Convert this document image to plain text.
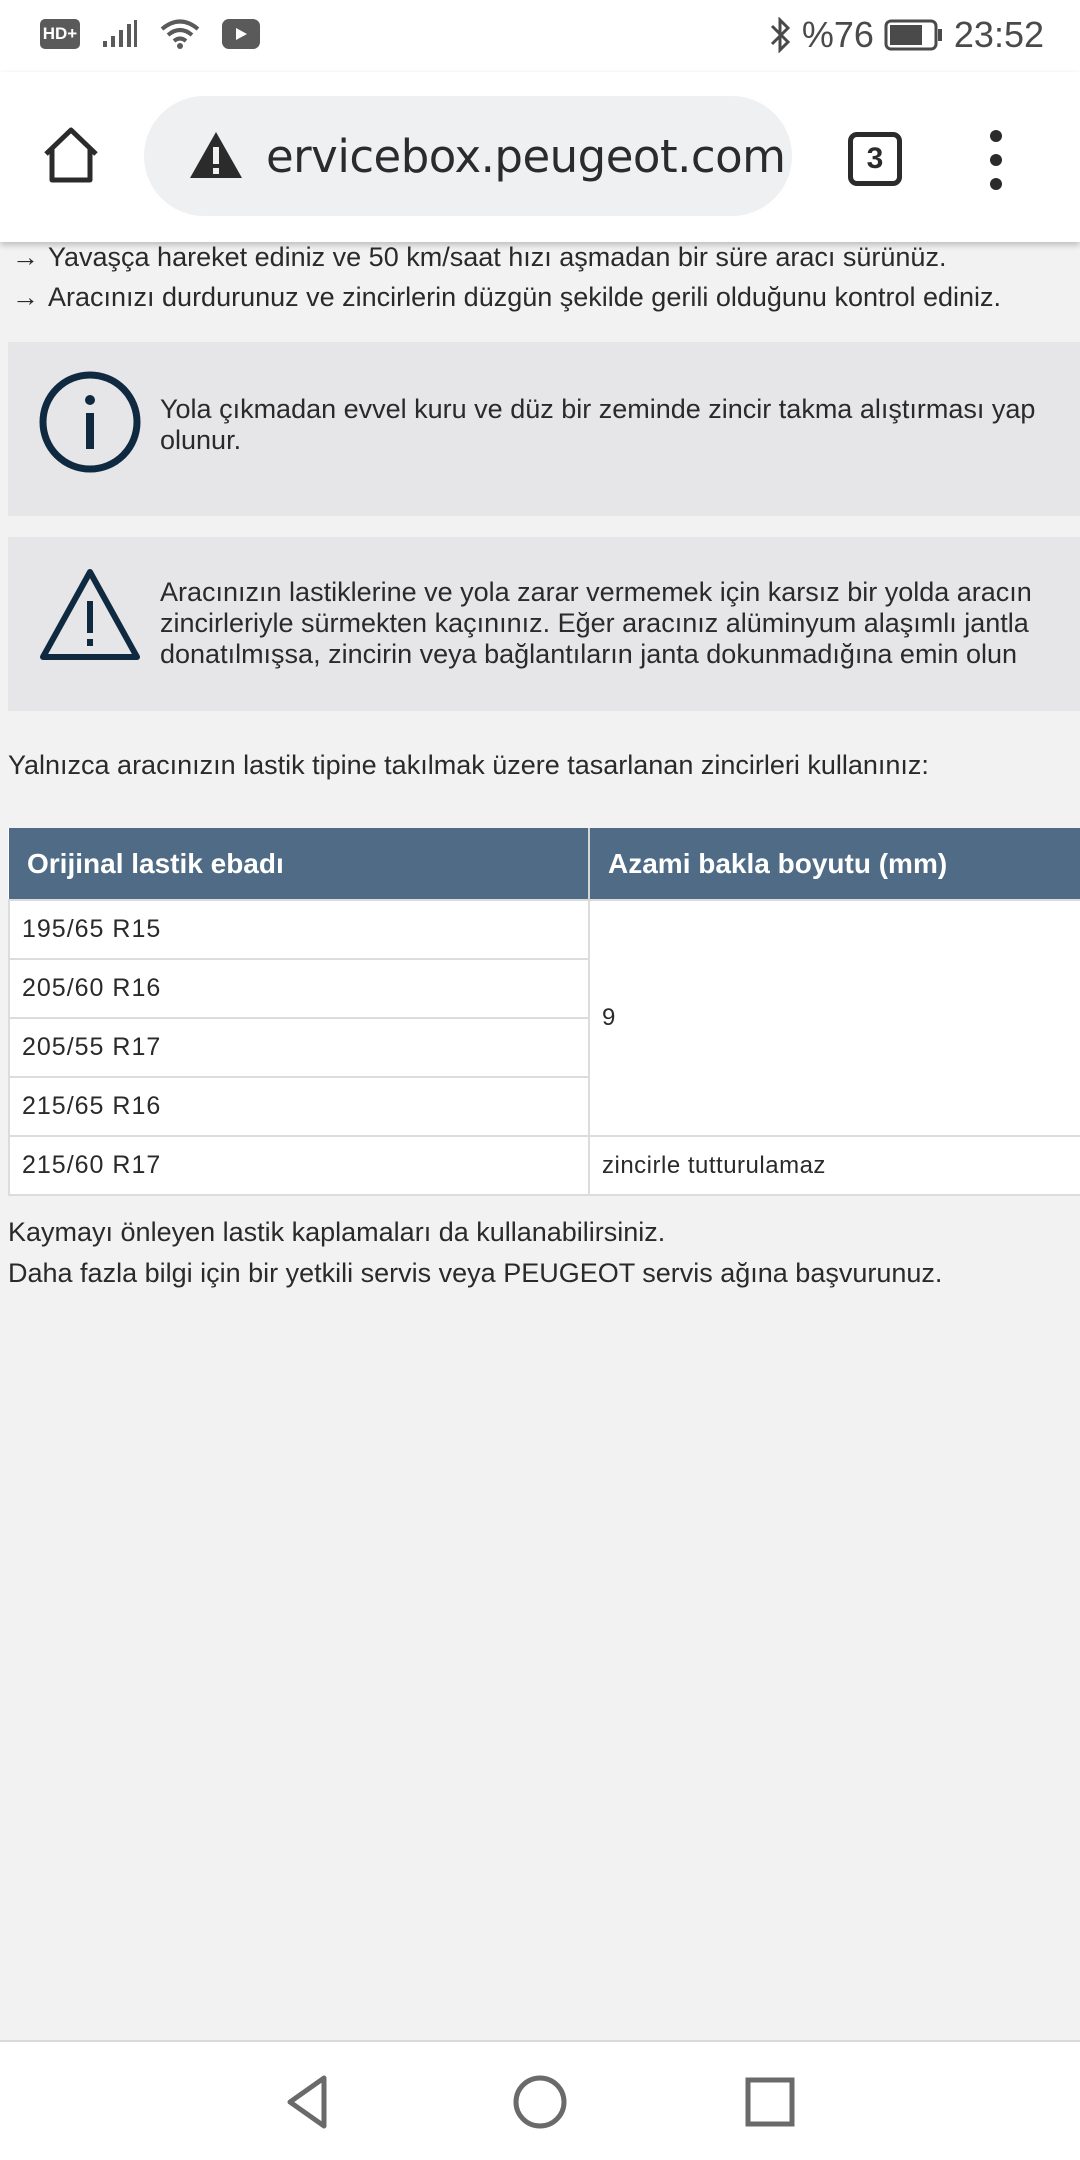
HD+	%76 23:52
ervicebox.peugeot.com	3
→ Yavaşça hareket ediniz ve 50 km/saat hızı aşmadan bir süre aracı sürünüz.
→ Aracınızı durdurunuz ve zincirlerin düzgün şekilde gerili olduğunu kontrol ediniz.
Yola çıkmadan evvel kuru ve düz bir zeminde zincir takma alıştırması yap
olunur.
Aracınızın lastiklerine ve yola zarar vermemek için karsız bir yolda aracın
zincirleriyle sürmekten kaçınınız. Eğer aracınız alüminyum alaşımlı jantla
donatılmışsa, zincirin veya bağlantıların janta dokunmadığına emin olun
Yalnızca aracınızın lastik tipine takılmak üzere tasarlanan zincirleri kullanınız:
Orijinal lastik ebadı	Azami bakla boyutu (mm)
195/65 R15	9
205/60 R16	
205/55 R17	
215/65 R16	
215/60 R17	zincirle tutturulamaz
Kaymayı önleyen lastik kaplamaları da kullanabilirsiniz.
Daha fazla bilgi için bir yetkili servis veya PEUGEOT servis ağına başvurunuz.
